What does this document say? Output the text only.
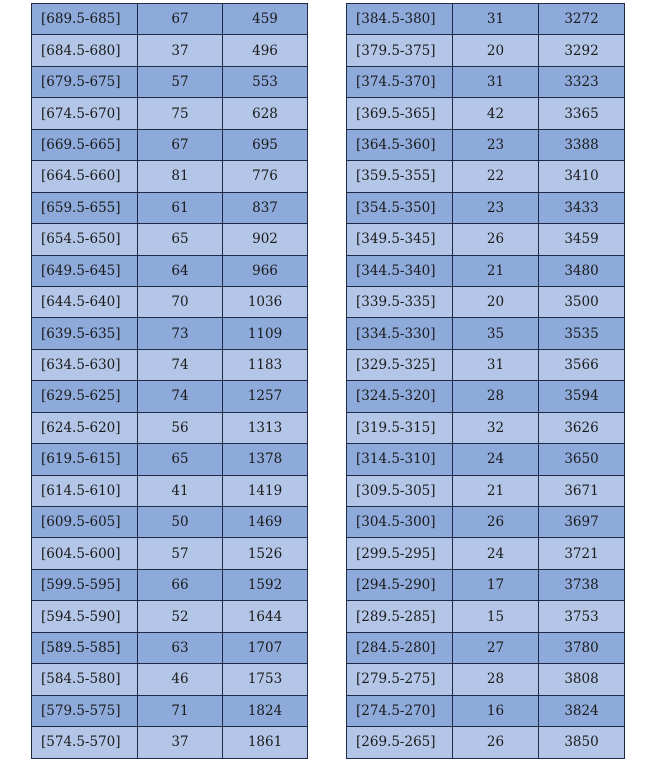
[689.5-685]	67	459
[684.5-680]	37	496
[679.5-675]	57	553
[674.5-670]	75	628
[669.5-665]	67	695
[664.5-660]	81	776
[659.5-655]	61	837
[654.5-650]	65	902
[649.5-645]	64	966
[644.5-640]	70	1036
[639.5-635]	73	1109
[634.5-630]	74	1183
[629.5-625]	74	1257
[624.5-620]	56	1313
[619.5-615]	65	1378
[614.5-610]	41	1419
[609.5-605]	50	1469
[604.5-600]	57	1526
[599.5-595]	66	1592
[594.5-590]	52	1644
[589.5-585]	63	1707
[584.5-580]	46	1753
[579.5-575]	71	1824
[574.5-570]	37	1861
[384.5-380]	31	3272
[379.5-375]	20	3292
[374.5-370]	31	3323
[369.5-365]	42	3365
[364.5-360]	23	3388
[359.5-355]	22	3410
[354.5-350]	23	3433
[349.5-345]	26	3459
[344.5-340]	21	3480
[339.5-335]	20	3500
[334.5-330]	35	3535
[329.5-325]	31	3566
[324.5-320]	28	3594
[319.5-315]	32	3626
[314.5-310]	24	3650
[309.5-305]	21	3671
[304.5-300]	26	3697
[299.5-295]	24	3721
[294.5-290]	17	3738
[289.5-285]	15	3753
[284.5-280]	27	3780
[279.5-275]	28	3808
[274.5-270]	16	3824
[269.5-265]	26	3850
